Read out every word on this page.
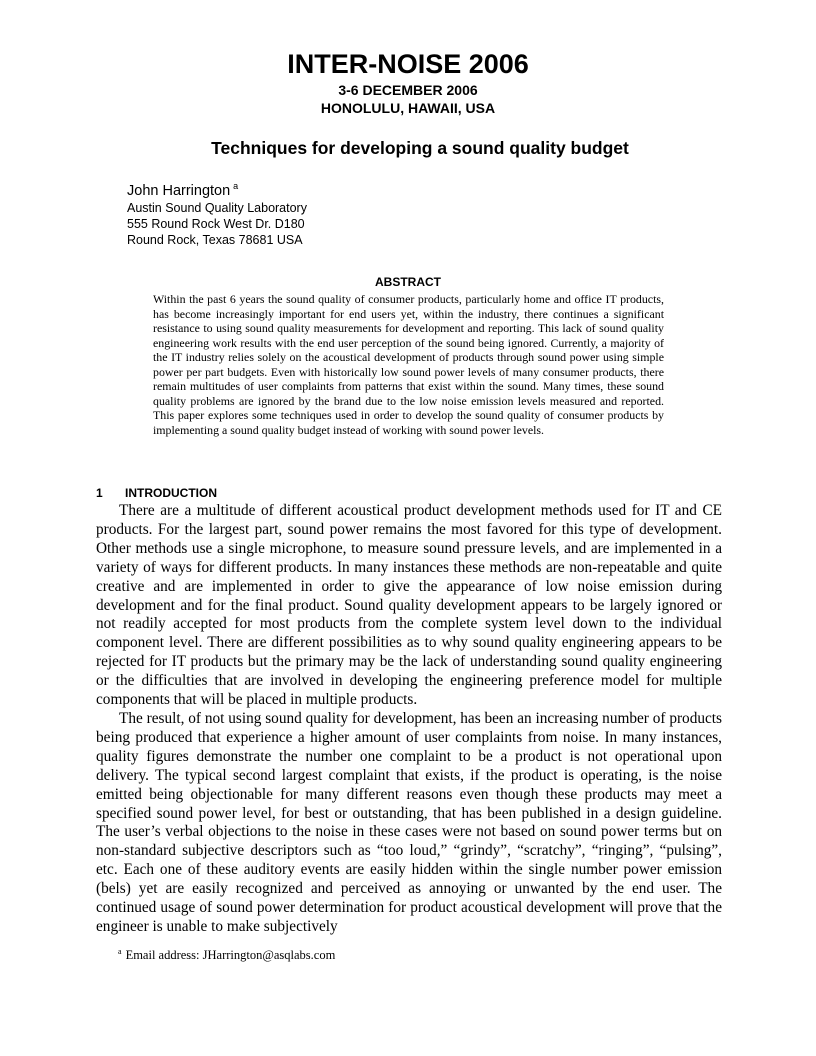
INTER-NOISE 2006
3-6 DECEMBER 2006
HONOLULU, HAWAII, USA
Techniques for developing a sound quality budget
John Harrington $^a$
Austin Sound Quality Laboratory
555 Round Rock West Dr. D180
Round Rock, Texas 78681 USA
ABSTRACT
Within the past 6 years the sound quality of consumer products, particularly home and office IT products, has become increasingly important for end users yet, within the industry, there continues a significant resistance to using sound quality measurements for development and reporting. This lack of sound quality engineering work results with the end user perception of the sound being ignored. Currently, a majority of the IT industry relies solely on the acoustical development of products through sound power using simple power per part budgets. Even with historically low sound power levels of many consumer products, there remain multitudes of user complaints from patterns that exist within the sound. Many times, these sound quality problems are ignored by the brand due to the low noise emission levels measured and reported. This paper explores some techniques used in order to develop the sound quality of consumer products by implementing a sound quality budget instead of working with sound power levels.
1 INTRODUCTION

There are a multitude of different acoustical product development methods used for IT and CE products. For the largest part, sound power remains the most favored for this type of development. Other methods use a single microphone, to measure sound pressure levels, and are implemented in a variety of ways for different products. In many instances these methods are non-repeatable and quite creative and are implemented in order to give the appearance of low noise emission during development and for the final product. Sound quality development appears to be largely ignored or not readily accepted for most products from the complete system level down to the individual component level. There are different possibilities as to why sound quality engineering appears to be rejected for IT products but the primary may be the lack of understanding sound quality engineering or the difficulties that are involved in developing the engineering preference model for multiple components that will be placed in multiple products.

The result, of not using sound quality for development, has been an increasing number of products being produced that experience a higher amount of user complaints from noise. In many instances, quality figures demonstrate the number one complaint to be a product is not operational upon delivery. The typical second largest complaint that exists, if the product is operating, is the noise emitted being objectionable for many different reasons even though these products may meet a specified sound power level, for best or outstanding, that has been published in a design guideline. The user’s verbal objections to the noise in these cases were not based on sound power terms but on non-standard subjective descriptors such as “too loud,” “grindy”, “scratchy”, “ringing”, “pulsing”, etc. Each one of these auditory events are easily hidden within the single number power emission (bels) yet are easily recognized and perceived as annoying or unwanted by the end user. The continued usage of sound power determination for product acoustical development will prove that the engineer is unable to make subjectively

$^a$ Email address: JHarrington@asqlabs.com
